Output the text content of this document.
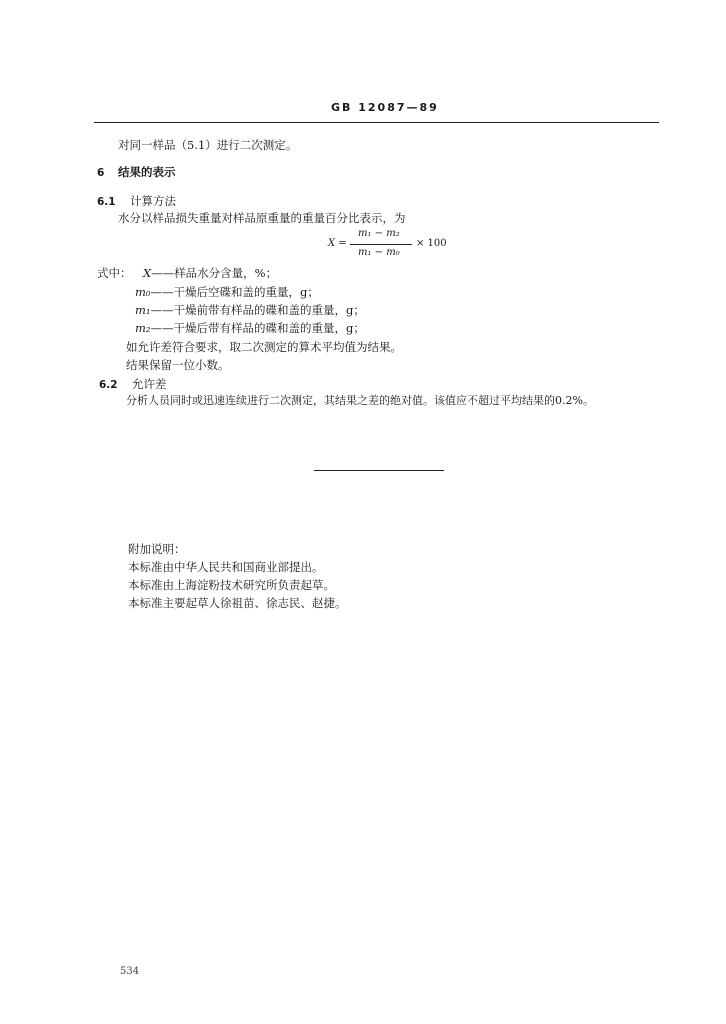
GB 12087—89
对同一样品（5.1）进行二次测定。
6 结果的表示
6.1 计算方法
水分以样品损失重量对样品原重量的重量百分比表示，为
X =
m₁ − m₂
m₁ − m₀
× 100
式中： X——样品水分含量，%；
m₀——干燥后空碟和盖的重量，g；
m₁——干燥前带有样品的碟和盖的重量，g；
m₂——干燥后带有样品的碟和盖的重量，g；
如允许差符合要求，取二次测定的算术平均值为结果。
结果保留一位小数。
6.2 允许差
分析人员同时或迅速连续进行二次测定，其结果之差的绝对值。该值应不超过平均结果的0.2%。
附加说明：
本标准由中华人民共和国商业部提出。
本标准由上海淀粉技术研究所负责起草。
本标准主要起草人徐祖苗、徐志民、赵捷。
534
